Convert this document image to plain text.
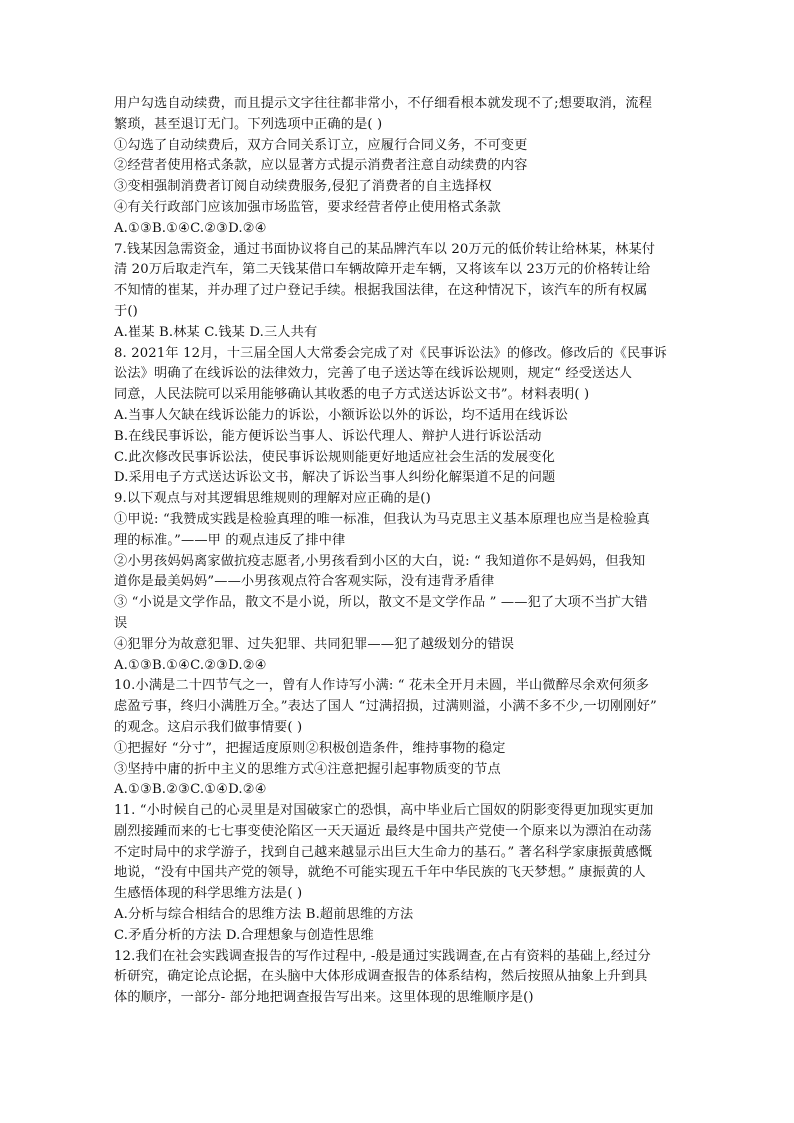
用户勾选自动续费，而且提示文字往往都非常小，不仔细看根本就发现不了;想要取消，流程
繁琐，甚至退订无门。下列选项中正确的是( )
①勾选了自动续费后，双方合同关系订立，应履行合同义务，不可变更
②经营者使用格式条款，应以显著方式提示消费者注意自动续费的内容
③变相强制消费者订阅自动续费服务,侵犯了消费者的自主选择权
④有关行政部门应该加强市场监管，要求经营者停止使用格式条款
A.①③B.①④C.②③D.②④
7.钱某因急需资金，通过书面协议将自己的某品牌汽车以 20万元的低价转让给林某，林某付
清 20万后取走汽车，第二天钱某借口车辆故障开走车辆，又将该车以 23万元的价格转让给
不知情的崔某，并办理了过户登记手续。根据我国法律，在这种情况下，该汽车的所有权属
于()
A.崔某 B.林某 C.钱某 D.三人共有
8. 2021年 12月，十三届全国人大常委会完成了对《民事诉讼法》的修改。修改后的《民事诉
讼法》明确了在线诉讼的法律效力，完善了电子送达等在线诉讼规则，规定“ 经受送达人
同意，人民法院可以采用能够确认其收悉的电子方式送达诉讼文书”。材料表明( )
A.当事人欠缺在线诉讼能力的诉讼，小额诉讼以外的诉讼，均不适用在线诉讼
B.在线民事诉讼，能方便诉讼当事人、诉讼代理人、辩护人进行诉讼活动
C.此次修改民事诉讼法，使民事诉讼规则能更好地适应社会生活的发展变化
D.采用电子方式送达诉讼文书，解决了诉讼当事人纠纷化解渠道不足的问题
9.以下观点与对其逻辑思维规则的理解对应正确的是()
①甲说: “我赞成实践是检验真理的唯一标准，但我认为马克思主义基本原理也应当是检验真
理的标准。”——甲 的观点违反了排中律
②小男孩妈妈离家做抗疫志愿者,小男孩看到小区的大白，说: “ 我知道你不是妈妈，但我知
道你是最美妈妈”——小男孩观点符合客观实际，没有违背矛盾律
③ “小说是文学作品，散文不是小说，所以，散文不是文学作品 ” ——犯了大项不当扩大错
误
④犯罪分为故意犯罪、过失犯罪、共同犯罪——犯了越级划分的错误
A.①③B.①④C.②③D.②④
10.小满是二十四节气之一，曾有人作诗写小满: “ 花未全开月未圆，半山微醉尽余欢何须多
虑盈亏事，终归小满胜万全。”表达了国人 “过满招损，过满则溢，小满不多不少,一切刚刚好”
的观念。这启示我们做事情要( )
①把握好 “分寸”，把握适度原则②积极创造条件，维持事物的稳定
③坚持中庸的折中主义的思维方式④注意把握引起事物质变的节点
A.①③B.②③C.①④D.②④
11. “小时候自己的心灵里是对国破家亡的恐惧，高中毕业后亡国奴的阴影变得更加现实更加
剧烈接踵而来的七七事变使沦陷区一天天逼近 最终是中国共产党使一个原来以为漂泊在动荡
不定时局中的求学游子，找到自己越来越显示出巨大生命力的基石。” 著名科学家康振黄感慨
地说，“没有中国共产党的领导，就绝不可能实现五千年中华民族的飞天梦想。” 康振黄的人
生感悟体现的科学思维方法是( )
A.分析与综合相结合的思维方法 B.超前思维的方法
C.矛盾分析的方法 D.合理想象与创造性思维
12.我们在社会实践调查报告的写作过程中, -般是通过实践调查,在占有资料的基础上,经过分
析研究，确定论点论据，在头脑中大体形成调查报告的体系结构，然后按照从抽象上升到具
体的顺序，一部分- 部分地把调查报告写出来。这里体现的思维顺序是()
